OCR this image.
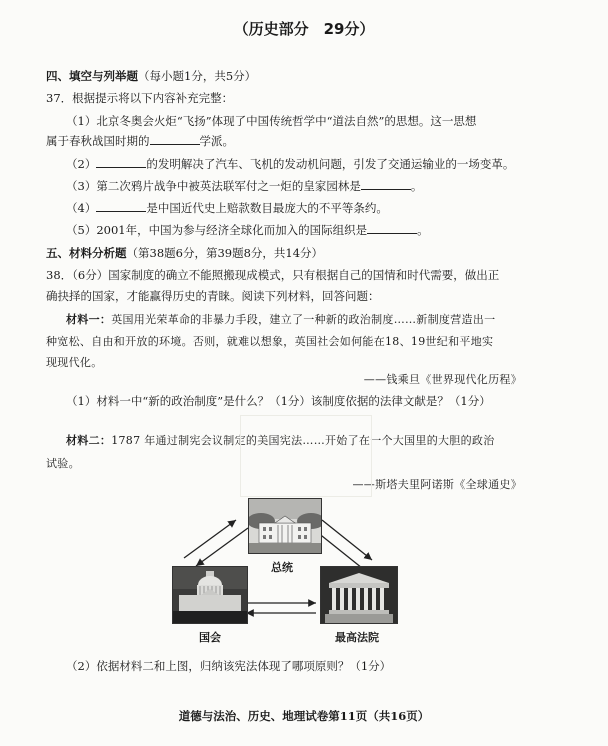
（历史部分　29分）
四、填空与列举题（每小题1分，共5分）
37．根据提示将以下内容补充完整：
（1）北京冬奥会火炬“飞扬”体现了中国传统哲学中“道法自然”的思想。这一思想
属于春秋战国时期的	学派。
（2）	的发明解决了汽车、飞机的发动机问题，引发了交通运输业的一场变革。
（3）第二次鸦片战争中被英法联军付之一炬的皇家园林是	。
（4）	是中国近代史上赔款数目最庞大的不平等条约。
（5）2001年，中国为参与经济全球化而加入的国际组织是	。
五、材料分析题（第38题6分，第39题8分，共14分）
38．（6分）国家制度的确立不能照搬现成模式，只有根据自己的国情和时代需要，做出正
确抉择的国家，才能赢得历史的青睐。阅读下列材料，回答问题：
材料一：英国用光荣革命的非暴力手段，建立了一种新的政治制度……新制度营造出一
种宽松、自由和开放的环境。否则，就难以想象，英国社会如何能在18、19世纪和平地实
现现代化。
——钱乘旦《世界现代化历程》
（1）材料一中“新的政治制度”是什么？（1分）该制度依据的法律文献是？（1分）
材料二：1787 年通过制宪会议制定的美国宪法……开始了在一个大国里的大胆的政治
试验。
——斯塔夫里阿诺斯《全球通史》
总统
国会	最高法院
（2）依据材料二和上图，归纳该宪法体现了哪项原则？（1分）
道德与法治、历史、地理试卷第11页（共16页）
